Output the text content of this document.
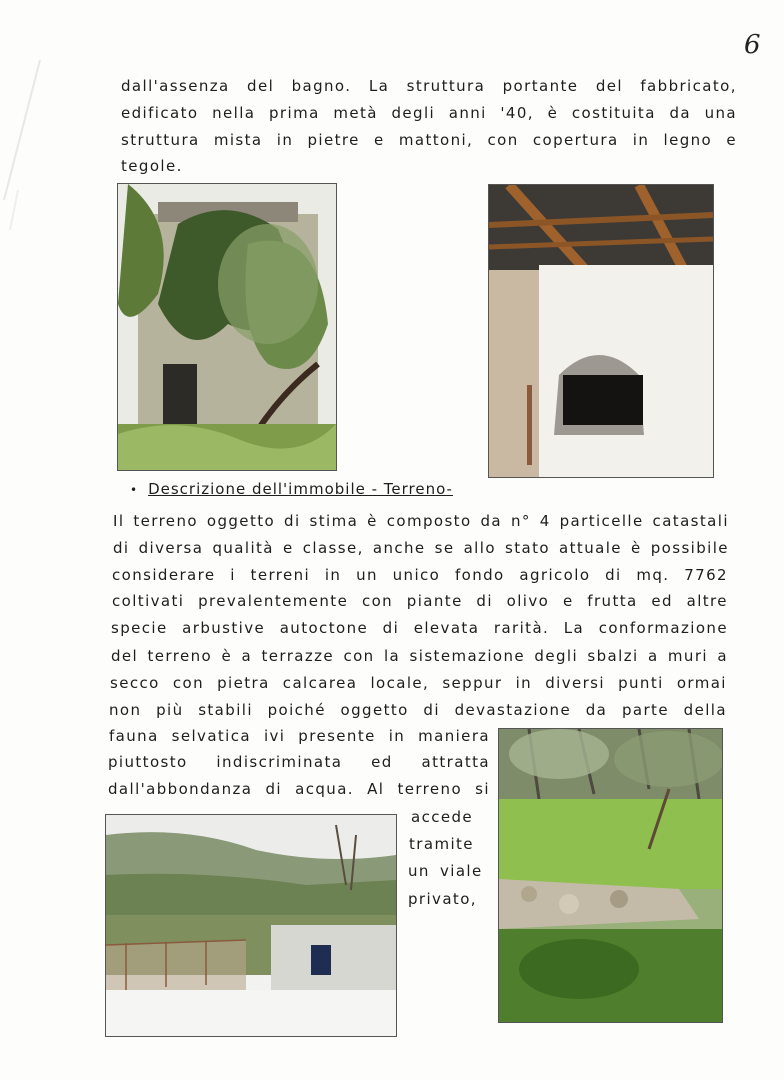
6
dall'assenza del bagno. La struttura portante del fabbricato,
edificato nella prima metà degli anni '40, è costituita da una
struttura mista in pietre e mattoni, con copertura in legno e
tegole.
• Descrizione dell'immobile - Terreno-
Il terreno oggetto di stima è composto da n° 4 particelle catastali
di diversa qualità e classe, anche se allo stato attuale è possibile
considerare i terreni in un unico fondo agricolo di mq. 7762
coltivati prevalentemente con piante di olivo e frutta ed altre
specie arbustive autoctone di elevata rarità. La conformazione
del terreno è a terrazze con la sistemazione degli sbalzi a muri a
secco con pietra calcarea locale, seppur in diversi punti ormai
non più stabili poiché oggetto di devastazione da parte della
fauna selvatica ivi presente in maniera
piuttosto indiscriminata ed attratta
dall'abbondanza di acqua. Al terreno si
accede
tramite
un viale
privato,
